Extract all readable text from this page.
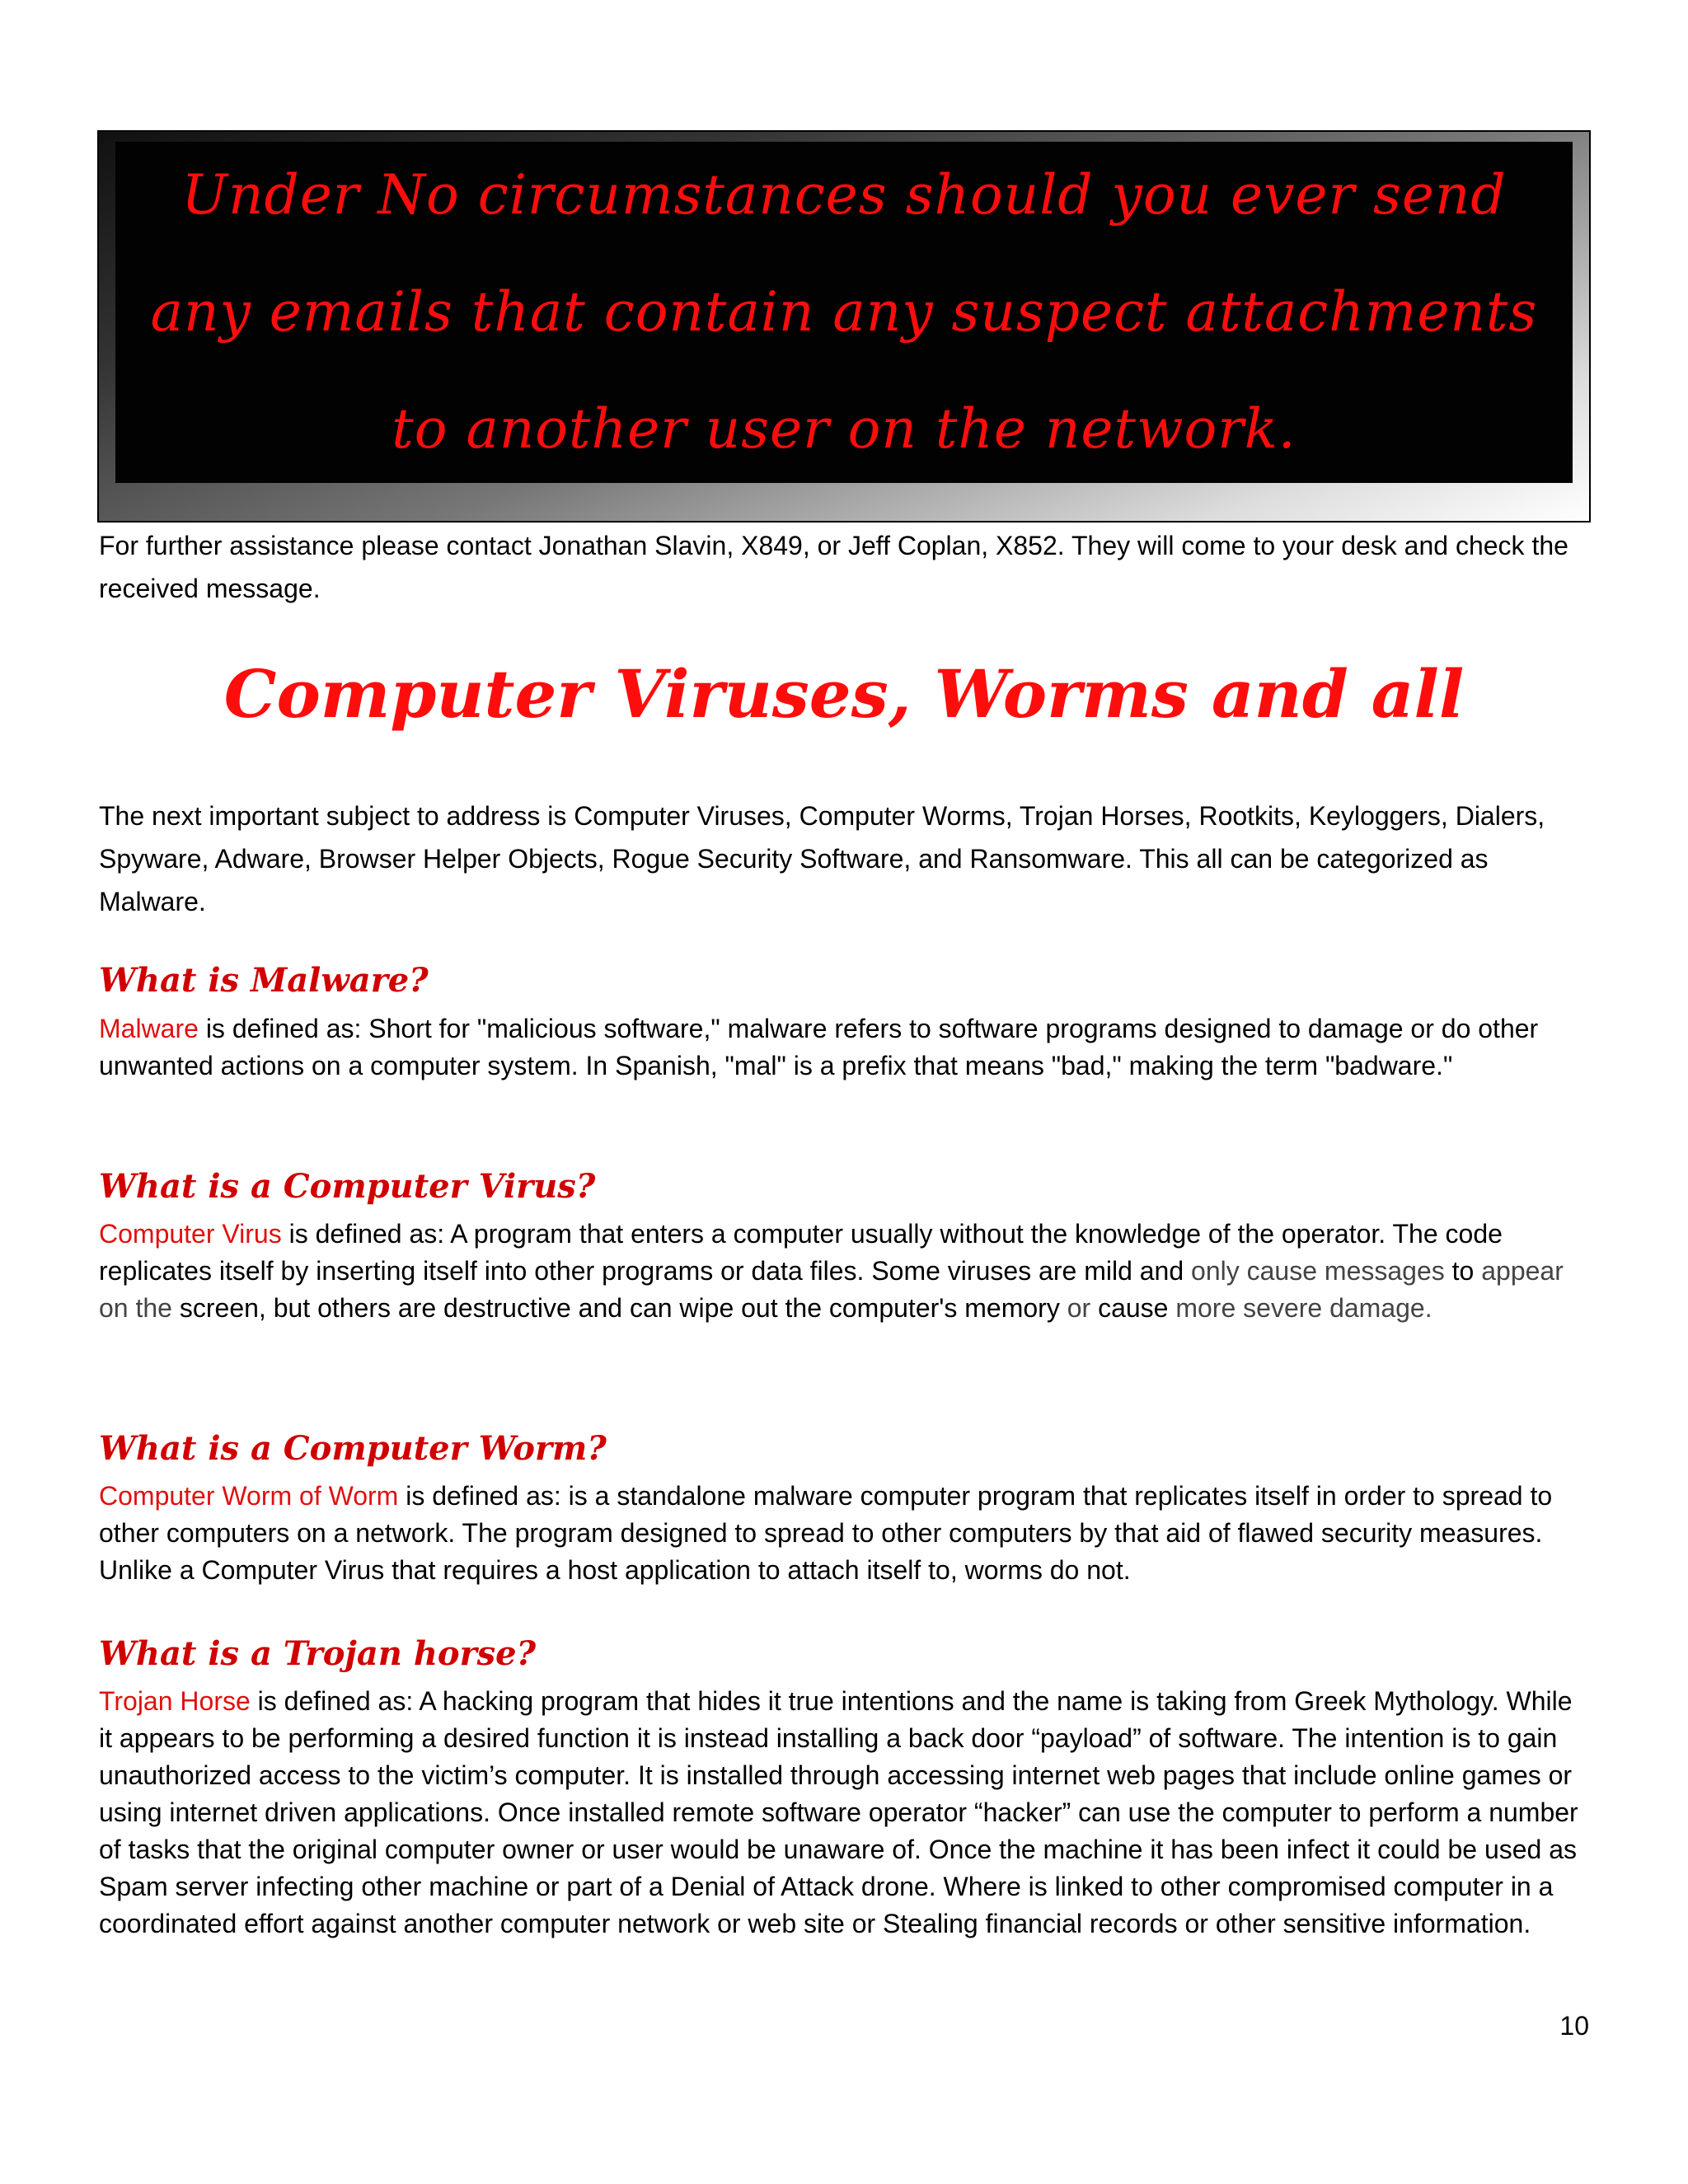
Under No circumstances should you ever send any emails that contain any suspect attachments to another user on the network.

For further assistance please contact Jonathan Slavin, X849, or Jeff Coplan, X852. They will come to your desk and check the received message.

Computer Viruses, Worms and all

The next important subject to address is Computer Viruses, Computer Worms, Trojan Horses, Rootkits, Keyloggers, Dialers, Spyware, Adware, Browser Helper Objects, Rogue Security Software, and Ransomware. This all can be categorized as Malware.

What is Malware?

Malware is defined as: Short for "malicious software," malware refers to software programs designed to damage or do other unwanted actions on a computer system. In Spanish, "mal" is a prefix that means "bad," making the term "badware."

What is a Computer Virus?

Computer Virus is defined as: A program that enters a computer usually without the knowledge of the operator. The code replicates itself by inserting itself into other programs or data files. Some viruses are mild and only cause messages to appear on the screen, but others are destructive and can wipe out the computer's memory or cause more severe damage.

What is a Computer Worm?

Computer Worm of Worm is defined as: is a standalone malware computer program that replicates itself in order to spread to other computers on a network. The program designed to spread to other computers by that aid of flawed security measures. Unlike a Computer Virus that requires a host application to attach itself to, worms do not.

What is a Trojan horse?

Trojan Horse is defined as: A hacking program that hides it true intentions and the name is taking from Greek Mythology. While it appears to be performing a desired function it is instead installing a back door “payload” of software. The intention is to gain unauthorized access to the victim’s computer. It is installed through accessing internet web pages that include online games or using internet driven applications. Once installed remote software operator “hacker” can use the computer to perform a number of tasks that the original computer owner or user would be unaware of. Once the machine it has been infect it could be used as Spam server infecting other machine or part of a Denial of Attack drone. Where is linked to other compromised computer in a coordinated effort against another computer network or web site or Stealing financial records or other sensitive information.

10
